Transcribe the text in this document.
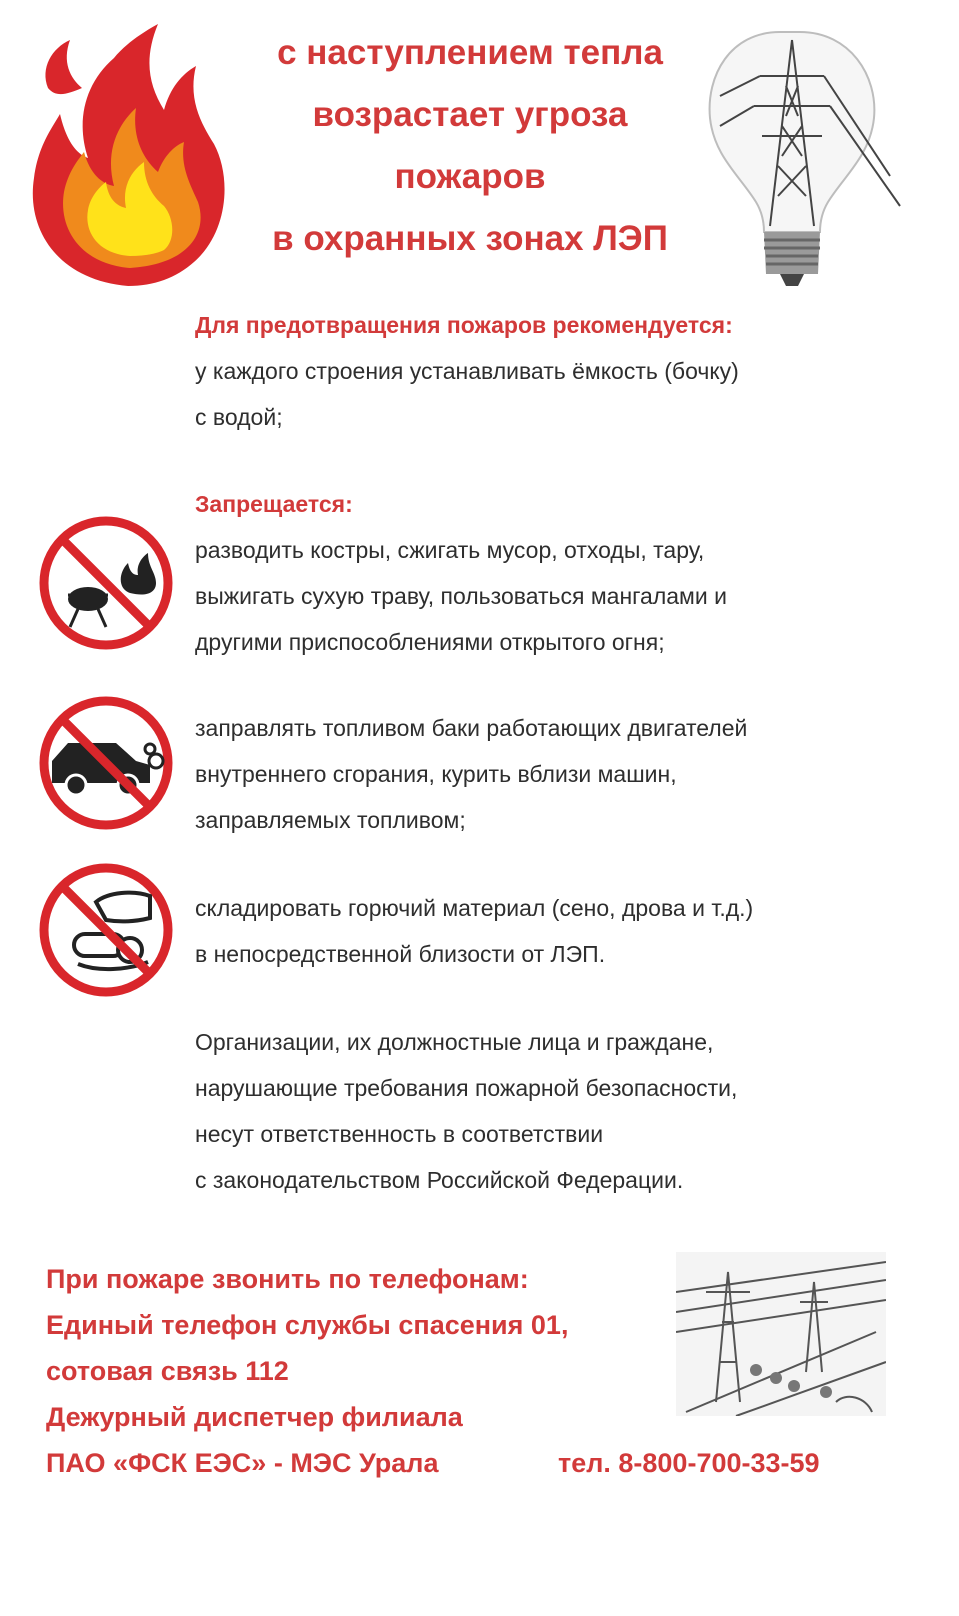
с наступлением тепла
возрастает угроза
пожаров
в охранных зонах ЛЭП
Для предотвращения пожаров рекомендуется:
у каждого строения устанавливать ёмкость (бочку)
с водой;
Запрещается:
разводить костры, сжигать мусор, отходы, тару,
выжигать сухую траву, пользоваться мангалами и
другими приспособлениями открытого огня;
заправлять топливом баки работающих двигателей
внутреннего сгорания, курить вблизи машин,
заправляемых топливом;
складировать горючий материал (сено, дрова и т.д.)
в непосредственной близости от ЛЭП.
Организации, их должностные лица и граждане,
нарушающие требования пожарной безопасности,
несут ответственность в соответствии
с законодательством Российской Федерации.
При пожаре звонить по телефонам:
Единый телефон службы спасения 01,
сотовая связь 112
Дежурный диспетчер филиала
ПАО «ФСК ЕЭС» - МЭС Урала	тел. 8-800-700-33-59
